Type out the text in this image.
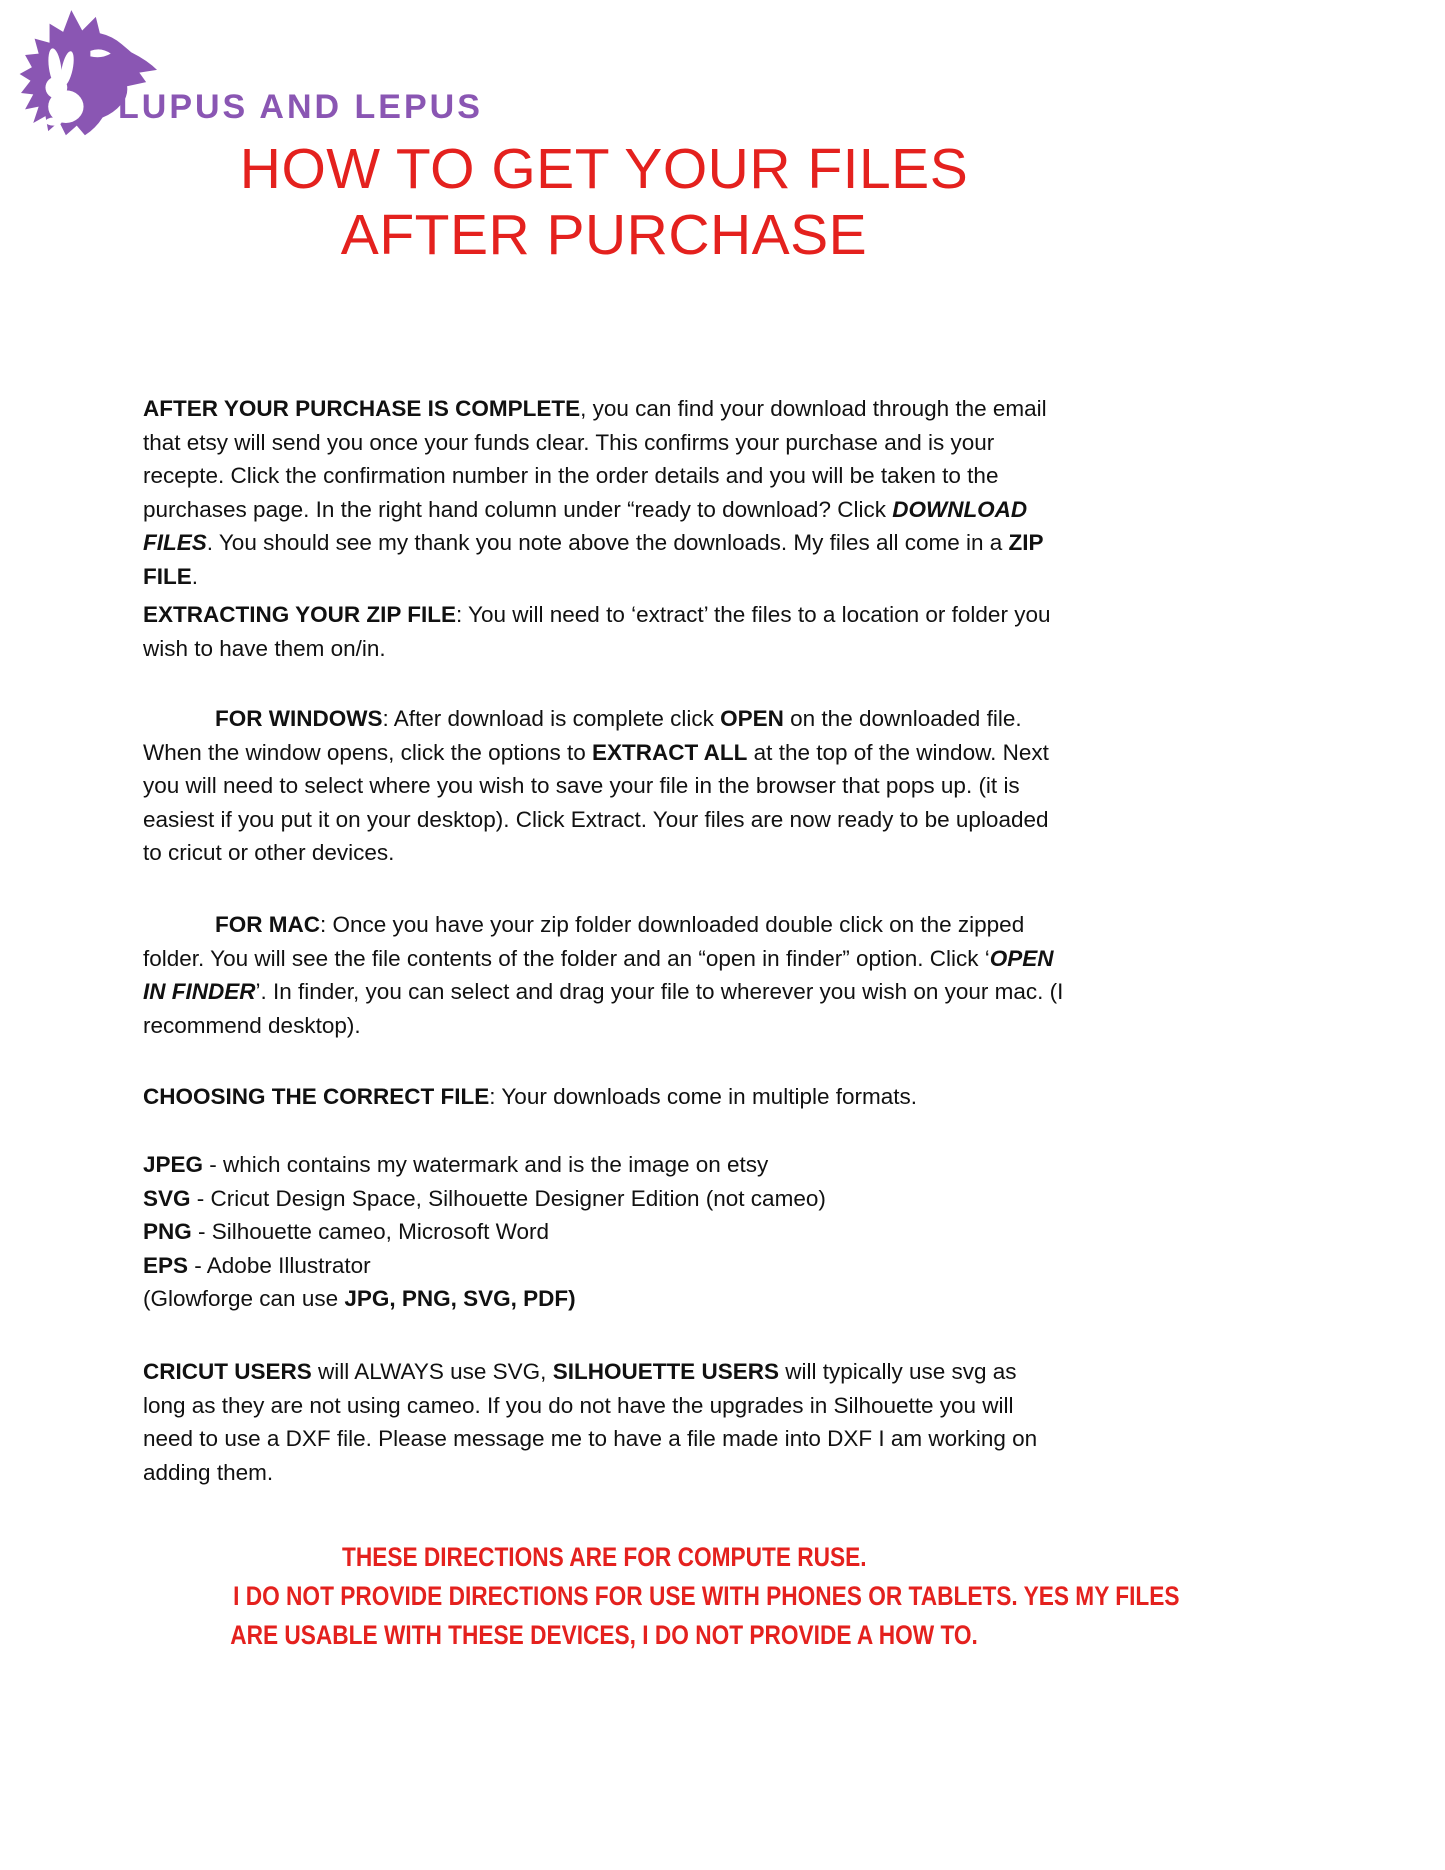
LUPUS AND LEPUS
HOW TO GET YOUR FILES
AFTER PURCHASE

AFTER YOUR PURCHASE IS COMPLETE, you can find your download through the email that etsy will send you once your funds clear. This confirms your purchase and is your recepte. Click the confirmation number in the order details and you will be taken to the purchases page. In the right hand column under “ready to download? Click DOWNLOAD FILES. You should see my thank you note above the downloads. My files all come in a ZIP FILE.

EXTRACTING YOUR ZIP FILE: You will need to ‘extract’ the files to a location or folder you wish to have them on/in.

FOR WINDOWS: After download is complete click OPEN on the downloaded file. When the window opens, click the options to EXTRACT ALL at the top of the window. Next you will need to select where you wish to save your file in the browser that pops up. (it is easiest if you put it on your desktop). Click Extract. Your files are now ready to be uploaded to cricut or other devices.

FOR MAC: Once you have your zip folder downloaded double click on the zipped folder. You will see the file contents of the folder and an “open in finder” option. Click ‘OPEN IN FINDER’. In finder, you can select and drag your file to wherever you wish on your mac. (I recommend desktop).

CHOOSING THE CORRECT FILE: Your downloads come in multiple formats.

JPEG - which contains my watermark and is the image on etsy

SVG - Cricut Design Space, Silhouette Designer Edition (not cameo)

PNG - Silhouette cameo, Microsoft Word

EPS - Adobe Illustrator

(Glowforge can use JPG, PNG, SVG, PDF)

CRICUT USERS will ALWAYS use SVG, SILHOUETTE USERS will typically use svg as long as they are not using cameo. If you do not have the upgrades in Silhouette you will need to use a DXF file. Please message me to have a file made into DXF I am working on adding them.

THESE DIRECTIONS ARE FOR COMPUTE RUSE.
I DO NOT PROVIDE DIRECTIONS FOR USE WITH PHONES OR TABLETS. YES MY FILES
ARE USABLE WITH THESE DEVICES, I DO NOT PROVIDE A HOW TO.
